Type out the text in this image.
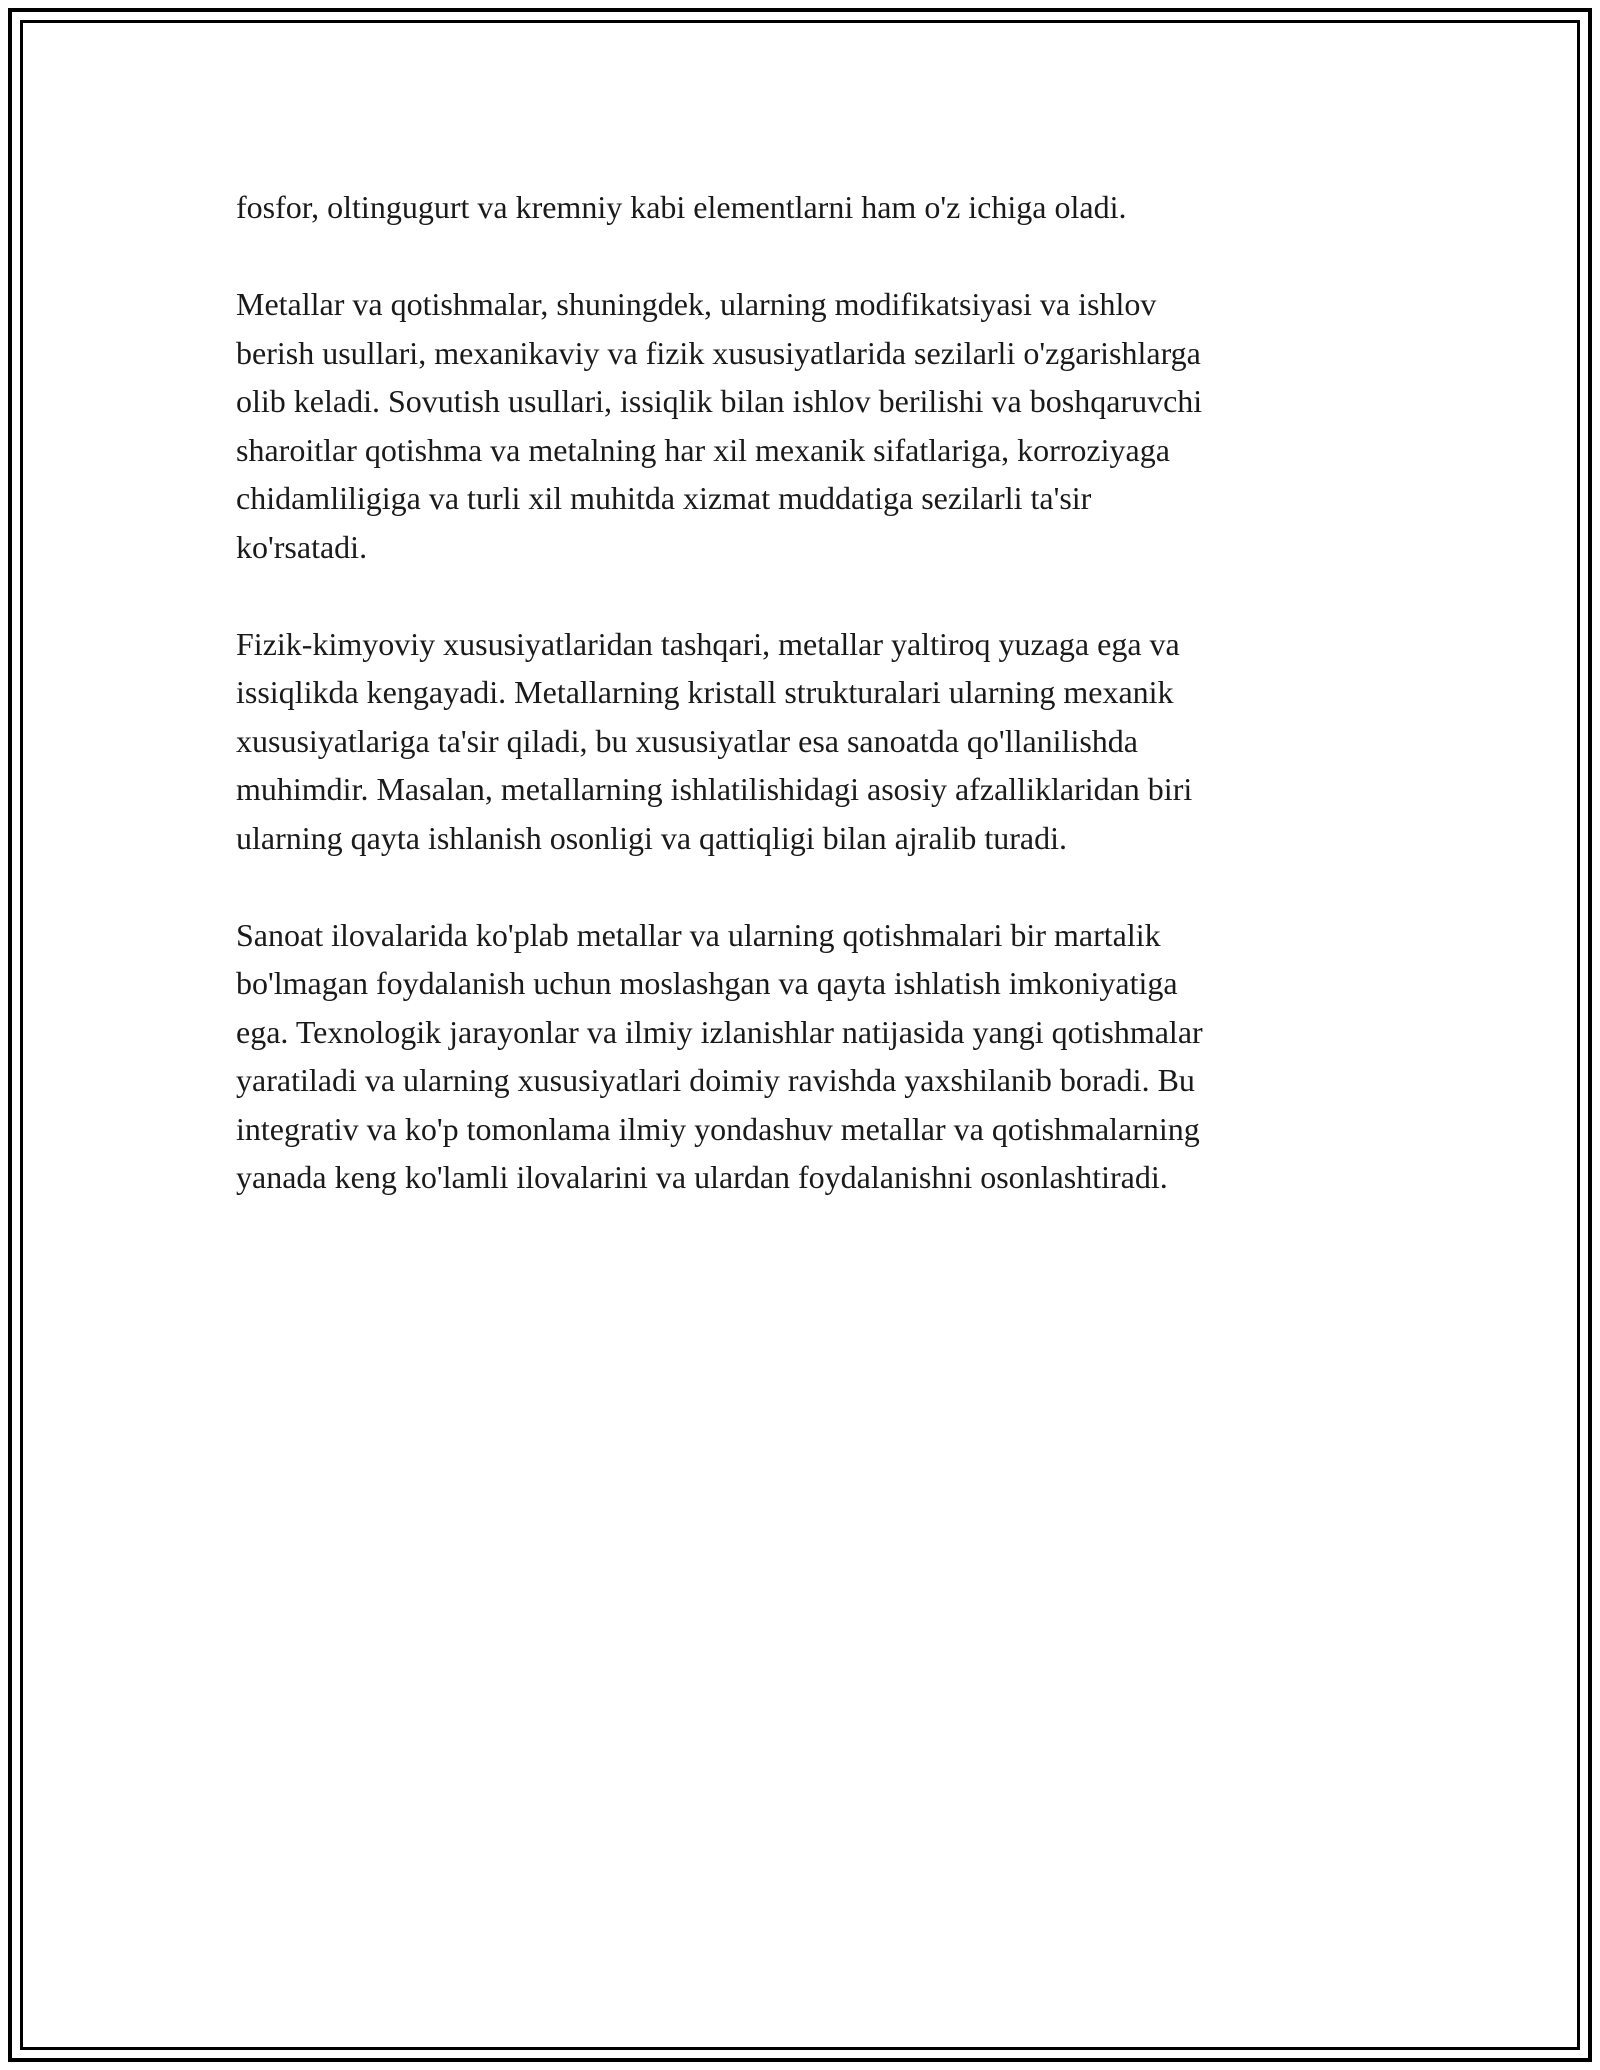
fosfor, oltingugurt va kremniy kabi elementlarni ham o'z ichiga oladi.

Metallar va qotishmalar, shuningdek, ularning modifikatsiyasi va ishlov
berish usullari, mexanikaviy va fizik xususiyatlarida sezilarli o'zgarishlarga
olib keladi. Sovutish usullari, issiqlik bilan ishlov berilishi va boshqaruvchi
sharoitlar qotishma va metalning har xil mexanik sifatlariga, korroziyaga
chidamliligiga va turli xil muhitda xizmat muddatiga sezilarli ta'sir
ko'rsatadi.

Fizik-kimyoviy xususiyatlaridan tashqari, metallar yaltiroq yuzaga ega va
issiqlikda kengayadi. Metallarning kristall strukturalari ularning mexanik
xususiyatlariga ta'sir qiladi, bu xususiyatlar esa sanoatda qo'llanilishda
muhimdir. Masalan, metallarning ishlatilishidagi asosiy afzalliklaridan biri
ularning qayta ishlanish osonligi va qattiqligi bilan ajralib turadi.

Sanoat ilovalarida ko'plab metallar va ularning qotishmalari bir martalik
bo'lmagan foydalanish uchun moslashgan va qayta ishlatish imkoniyatiga
ega. Texnologik jarayonlar va ilmiy izlanishlar natijasida yangi qotishmalar
yaratiladi va ularning xususiyatlari doimiy ravishda yaxshilanib boradi. Bu
integrativ va ko'p tomonlama ilmiy yondashuv metallar va qotishmalarning
yanada keng ko'lamli ilovalarini va ulardan foydalanishni osonlashtiradi.
